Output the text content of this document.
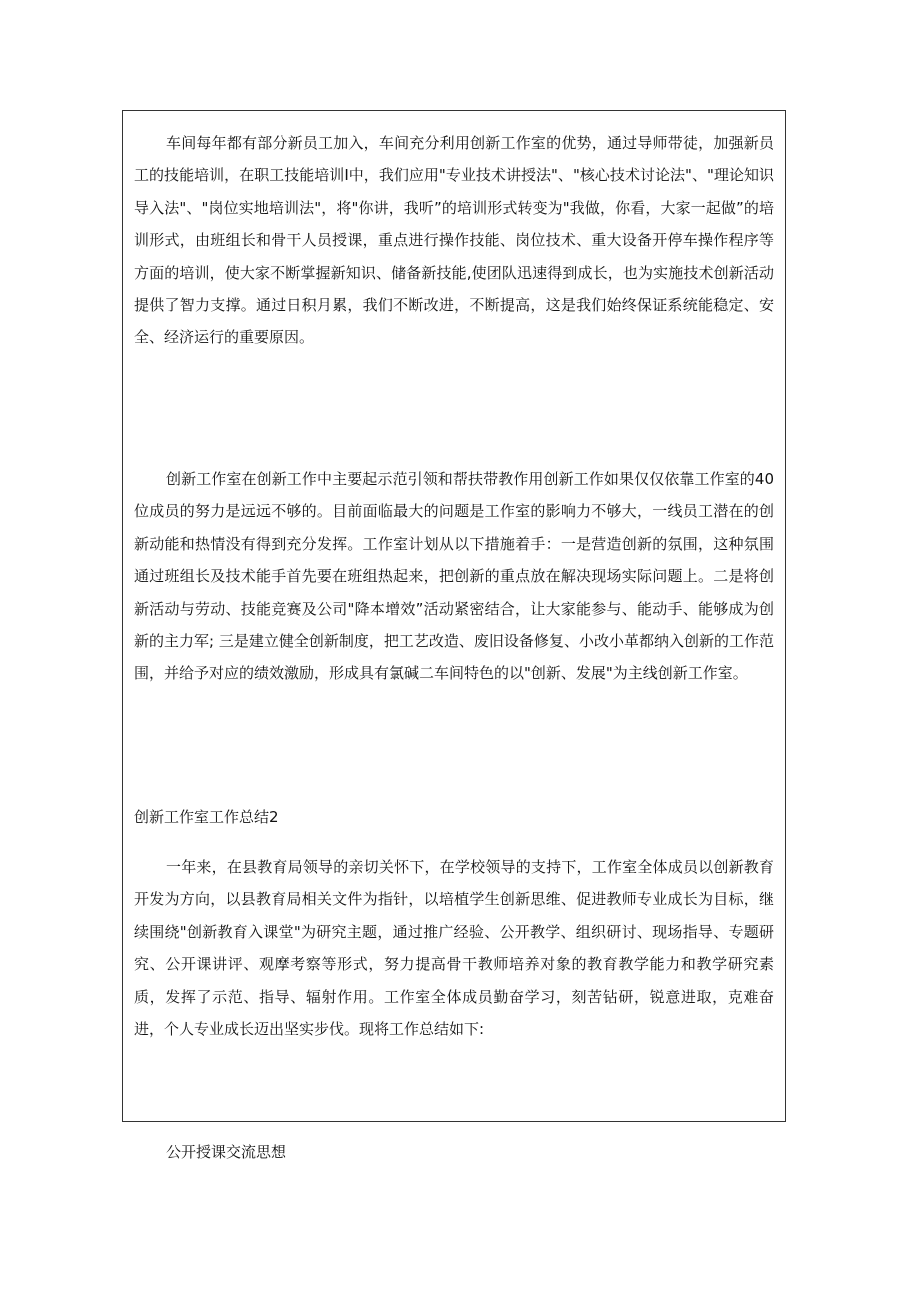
车间每年都有部分新员工加入，车间充分利用创新工作室的优势，通过导师带徒，加强新员工的技能培训，在职工技能培训I中，我们应用"专业技术讲授法"、"核心技术讨论法"、"理论知识导入法"、"岗位实地培训法"，将"你讲，我听”的培训形式转变为"我做，你看，大家一起做”的培训形式，由班组长和骨干人员授课，重点进行操作技能、岗位技术、重大设备开停车操作程序等方面的培训，使大家不断掌握新知识、储备新技能,使团队迅速得到成长，也为实施技术创新活动提供了智力支撑。通过日积月累，我们不断改进，不断提高，这是我们始终保证系统能稳定、安全、经济运行的重要原因。

创新工作室在创新工作中主要起示范引领和帮扶带教作用创新工作如果仅仅依靠工作室的40位成员的努力是远远不够的。目前面临最大的问题是工作室的影响力不够大，一线员工潜在的创新动能和热情没有得到充分发挥。工作室计划从以下措施着手：一是营造创新的氛围，这种氛围通过班组长及技术能手首先要在班组热起来，把创新的重点放在解决现场实际问题上。二是将创新活动与劳动、技能竞赛及公司"降本增效”活动紧密结合，让大家能参与、能动手、能够成为创新的主力军; 三是建立健全创新制度，把工艺改造、废旧设备修复、小改小革都纳入创新的工作范围，并给予对应的绩效激励，形成具有氯碱二车间特色的以"创新、发展"为主线创新工作室。

创新工作室工作总结2

一年来，在县教育局领导的亲切关怀下，在学校领导的支持下，工作室全体成员以创新教育开发为方向，以县教育局相关文件为指针，以培植学生创新思维、促进教师专业成长为目标，继续围绕"创新教育入课堂"为研究主题，通过推广经验、公开教学、组织研讨、现场指导、专题研究、公开课讲评、观摩考察等形式，努力提高骨干教师培养对象的教育教学能力和教学研究素质，发挥了示范、指导、辐射作用。工作室全体成员勤奋学习，刻苦钻研，锐意进取，克难奋进，个人专业成长迈出坚实步伐。现将工作总结如下:

公开授课交流思想
